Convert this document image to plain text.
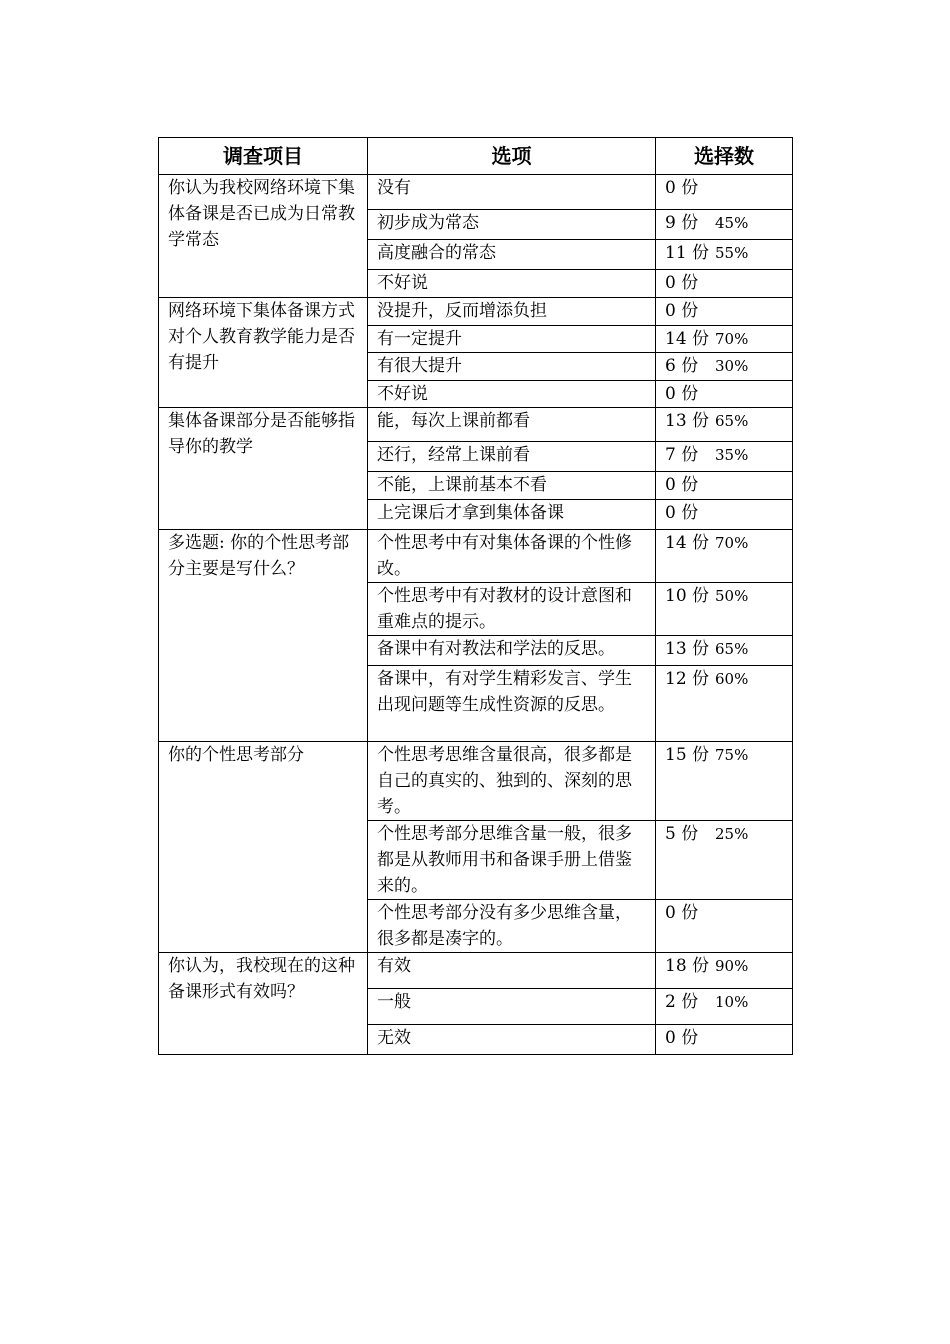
调查项目	选项	选择数
你认为我校网络环境下集体备课是否已成为日常教学常态	没有	0 份
	初步成为常态	9 份 45%
	高度融合的常态	11 份 55%
	不好说	0 份
网络环境下集体备课方式对个人教育教学能力是否有提升	没提升，反而增添负担	0 份
	有一定提升	14 份 70%
	有很大提升	6 份 30%
	不好说	0 份
集体备课部分是否能够指导你的教学	能，每次上课前都看	13 份 65%
	还行，经常上课前看	7 份 35%
	不能，上课前基本不看	0 份
	上完课后才拿到集体备课	0 份
多选题: 你的个性思考部分主要是写什么？	个性思考中有对集体备课的个性修改。	14 份 70%
	个性思考中有对教材的设计意图和重难点的提示。	10 份 50%
	备课中有对教法和学法的反思。	13 份 65%
	备课中，有对学生精彩发言、学生出现问题等生成性资源的反思。	12 份 60%
你的个性思考部分	个性思考思维含量很高，很多都是自己的真实的、独到的、深刻的思考。	15 份 75%
	个性思考部分思维含量一般，很多都是从教师用书和备课手册上借鉴来的。	5 份 25%
	个性思考部分没有多少思维含量，很多都是凑字的。	0 份
你认为，我校现在的这种备课形式有效吗？	有效	18 份 90%
	一般	2 份 10%
	无效	0 份
